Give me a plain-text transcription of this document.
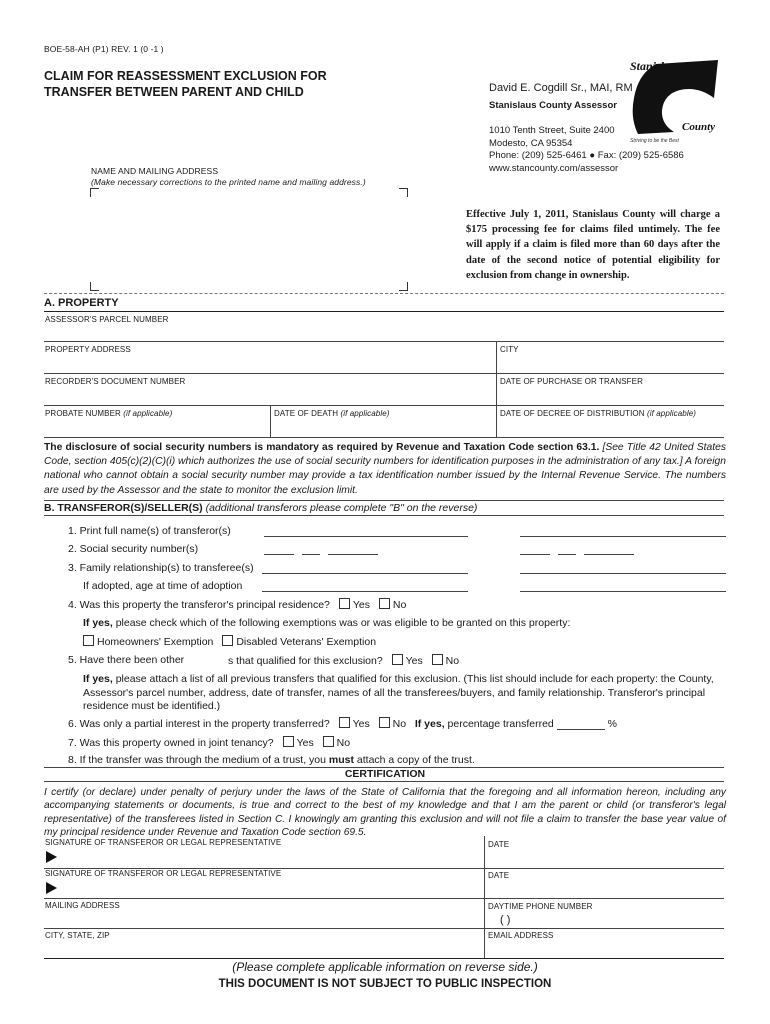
BOE-58-AH (P1) REV. 1 (0 -1 )
CLAIM FOR REASSESSMENT EXCLUSION FOR
TRANSFER BETWEEN PARENT AND CHILD
Stanislaus
County
Striving to be the Best
David E. Cogdill Sr., MAI, RM
Stanislaus County Assessor
1010 Tenth Street, Suite 2400
Modesto, CA 95354
Phone: (209) 525-6461 ● Fax: (209) 525-6586
www.stancounty.com/assessor
NAME AND MAILING ADDRESS
(Make necessary corrections to the printed name and mailing address.)
Effective July 1, 2011, Stanislaus County will charge a $175 processing fee for claims filed untimely. The fee will apply if a claim is filed more than 60 days after the date of the second notice of potential eligibility for exclusion from change in ownership.
A. PROPERTY
ASSESSOR'S PARCEL NUMBER
PROPERTY ADDRESS	CITY
RECORDER'S DOCUMENT NUMBER	DATE OF PURCHASE OR TRANSFER
PROBATE NUMBER (if applicable)	DATE OF DEATH (if applicable)	DATE OF DECREE OF DISTRIBUTION (if applicable)
The disclosure of social security numbers is mandatory as required by Revenue and Taxation Code section 63.1. [See Title 42 United States Code, section 405(c)(2)(C)(i) which authorizes the use of social security numbers for identification purposes in the administration of any tax.] A foreign national who cannot obtain a social security number may provide a tax identification number issued by the Internal Revenue Service. The numbers are used by the Assessor and the state to monitor the exclusion limit.
B. TRANSFEROR(S)/SELLER(S) (additional transferors please complete "B" on the reverse)
1. Print full name(s) of transferor(s)
2. Social security number(s)
3. Family relationship(s) to transferee(s)
If adopted, age at time of adoption
4. Was this property the transferor's principal residence? Yes No
If yes, please check which of the following exemptions was or was eligible to be granted on this property:
Homeowners' Exemption Disabled Veterans' Exemption
5. Have there been other	s that qualified for this exclusion? Yes No
If yes, please attach a list of all previous transfers that qualified for this exclusion. (This list should include for each property: the County, Assessor's parcel number, address, date of transfer, names of all the transferees/buyers, and family relationship. Transferor's principal residence must be identified.)
6. Was only a partial interest in the property transferred? Yes No If yes, percentage transferred	%
7. Was this property owned in joint tenancy? Yes No
8. If the transfer was through the medium of a trust, you must attach a copy of the trust.
CERTIFICATION
I certify (or declare) under penalty of perjury under the laws of the State of California that the foregoing and all information hereon, including any accompanying statements or documents, is true and correct to the best of my knowledge and that I am the parent or child (or transferor's legal representative) of the transferees listed in Section C. I knowingly am granting this exclusion and will not file a claim to transfer the base year value of my principal residence under Revenue and Taxation Code section 69.5.
SIGNATURE OF TRANSFEROR OR LEGAL REPRESENTATIVE	DATE
SIGNATURE OF TRANSFEROR OR LEGAL REPRESENTATIVE	DATE
MAILING ADDRESS	DAYTIME PHONE NUMBER
( )
CITY, STATE, ZIP	EMAIL ADDRESS
(Please complete applicable information on reverse side.)
THIS DOCUMENT IS NOT SUBJECT TO PUBLIC INSPECTION
